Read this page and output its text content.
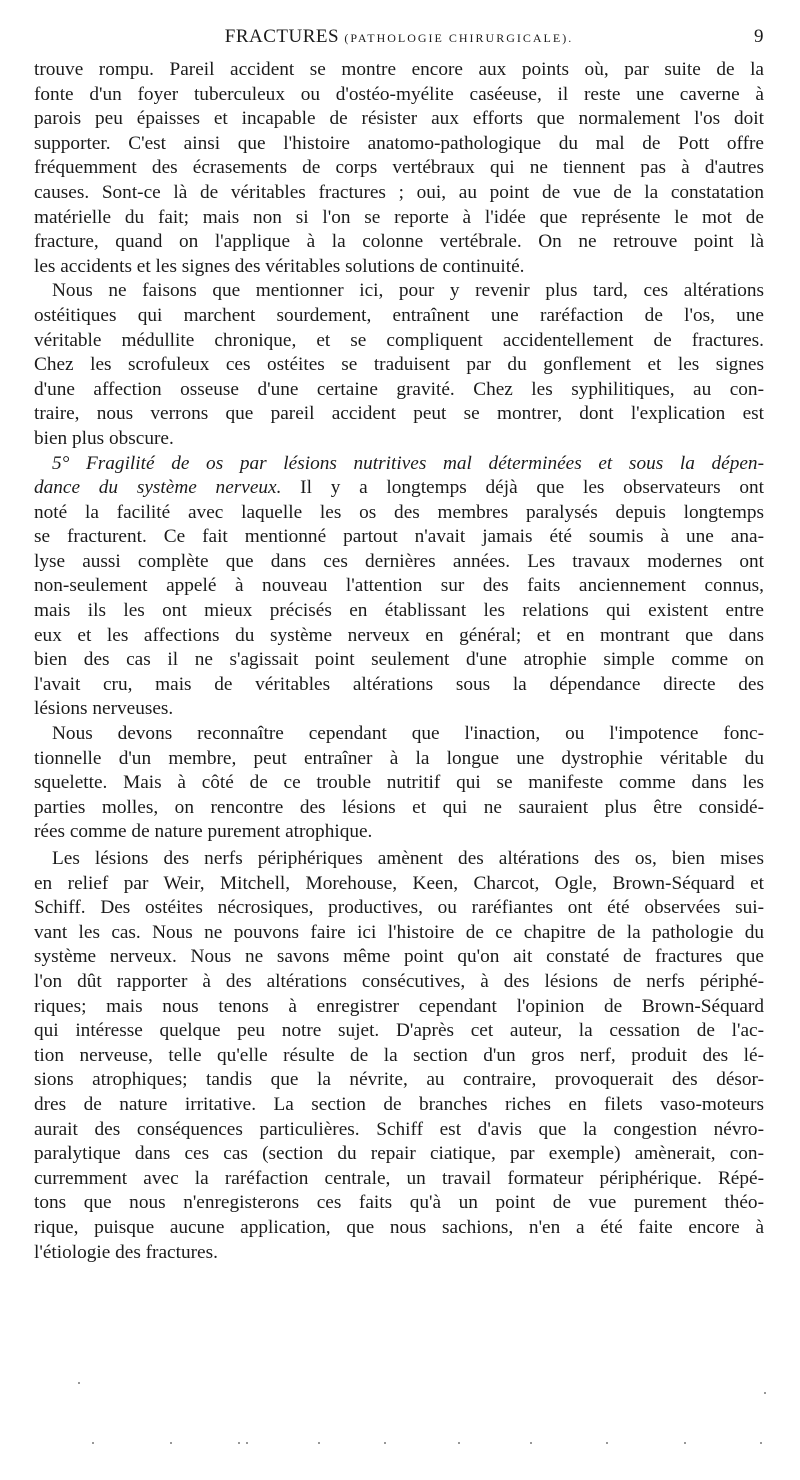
FRACTURES (PATHOLOGIE CHIRURGICALE).	9
trouve rompu. Pareil accident se montre encore aux points où, par suite de la
fonte d'un foyer tuberculeux ou d'ostéo-myélite caséeuse, il reste une caverne à
parois peu épaisses et incapable de résister aux efforts que normalement l'os doit
supporter. C'est ainsi que l'histoire anatomo-pathologique du mal de Pott offre
fréquemment des écrasements de corps vertébraux qui ne tiennent pas à d'autres
causes. Sont-ce là de véritables fractures ; oui, au point de vue de la constatation
matérielle du fait; mais non si l'on se reporte à l'idée que représente le mot de
fracture, quand on l'applique à la colonne vertébrale. On ne retrouve point là
les accidents et les signes des véritables solutions de continuité.
Nous ne faisons que mentionner ici, pour y revenir plus tard, ces altérations
ostéitiques qui marchent sourdement, entraînent une raréfaction de l'os, une
véritable médullite chronique, et se compliquent accidentellement de fractures.
Chez les scrofuleux ces ostéites se traduisent par du gonflement et les signes
d'une affection osseuse d'une certaine gravité. Chez les syphilitiques, au con-
traire, nous verrons que pareil accident peut se montrer, dont l'explication est
bien plus obscure.
5° Fragilité de os par lésions nutritives mal déterminées et sous la dépen-
dance du système nerveux. Il y a longtemps déjà que les observateurs ont
noté la facilité avec laquelle les os des membres paralysés depuis longtemps
se fracturent. Ce fait mentionné partout n'avait jamais été soumis à une ana-
lyse aussi complète que dans ces dernières années. Les travaux modernes ont
non-seulement appelé à nouveau l'attention sur des faits anciennement connus,
mais ils les ont mieux précisés en établissant les relations qui existent entre
eux et les affections du système nerveux en général; et en montrant que dans
bien des cas il ne s'agissait point seulement d'une atrophie simple comme on
l'avait cru, mais de véritables altérations sous la dépendance directe des
lésions nerveuses.
Nous devons reconnaître cependant que l'inaction, ou l'impotence fonc-
tionnelle d'un membre, peut entraîner à la longue une dystrophie véritable du
squelette. Mais à côté de ce trouble nutritif qui se manifeste comme dans les
parties molles, on rencontre des lésions et qui ne sauraient plus être considé-
rées comme de nature purement atrophique.
Les lésions des nerfs périphériques amènent des altérations des os, bien mises
en relief par Weir, Mitchell, Morehouse, Keen, Charcot, Ogle, Brown-Séquard et
Schiff. Des ostéites nécrosiques, productives, ou raréfiantes ont été observées sui-
vant les cas. Nous ne pouvons faire ici l'histoire de ce chapitre de la pathologie du
système nerveux. Nous ne savons même point qu'on ait constaté de fractures que
l'on dût rapporter à des altérations consécutives, à des lésions de nerfs périphé-
riques; mais nous tenons à enregistrer cependant l'opinion de Brown-Séquard
qui intéresse quelque peu notre sujet. D'après cet auteur, la cessation de l'ac-
tion nerveuse, telle qu'elle résulte de la section d'un gros nerf, produit des lé-
sions atrophiques; tandis que la névrite, au contraire, provoquerait des désor-
dres de nature irritative. La section de branches riches en filets vaso-moteurs
aurait des conséquences particulières. Schiff est d'avis que la congestion névro-
paralytique dans ces cas (section du repair ciatique, par exemple) amènerait, con-
curremment avec la raréfaction centrale, un travail formateur périphérique. Répé-
tons que nous n'enregisterons ces faits qu'à un point de vue purement théo-
rique, puisque aucune application, que nous sachions, n'en a été faite encore à
l'étiologie des fractures.
